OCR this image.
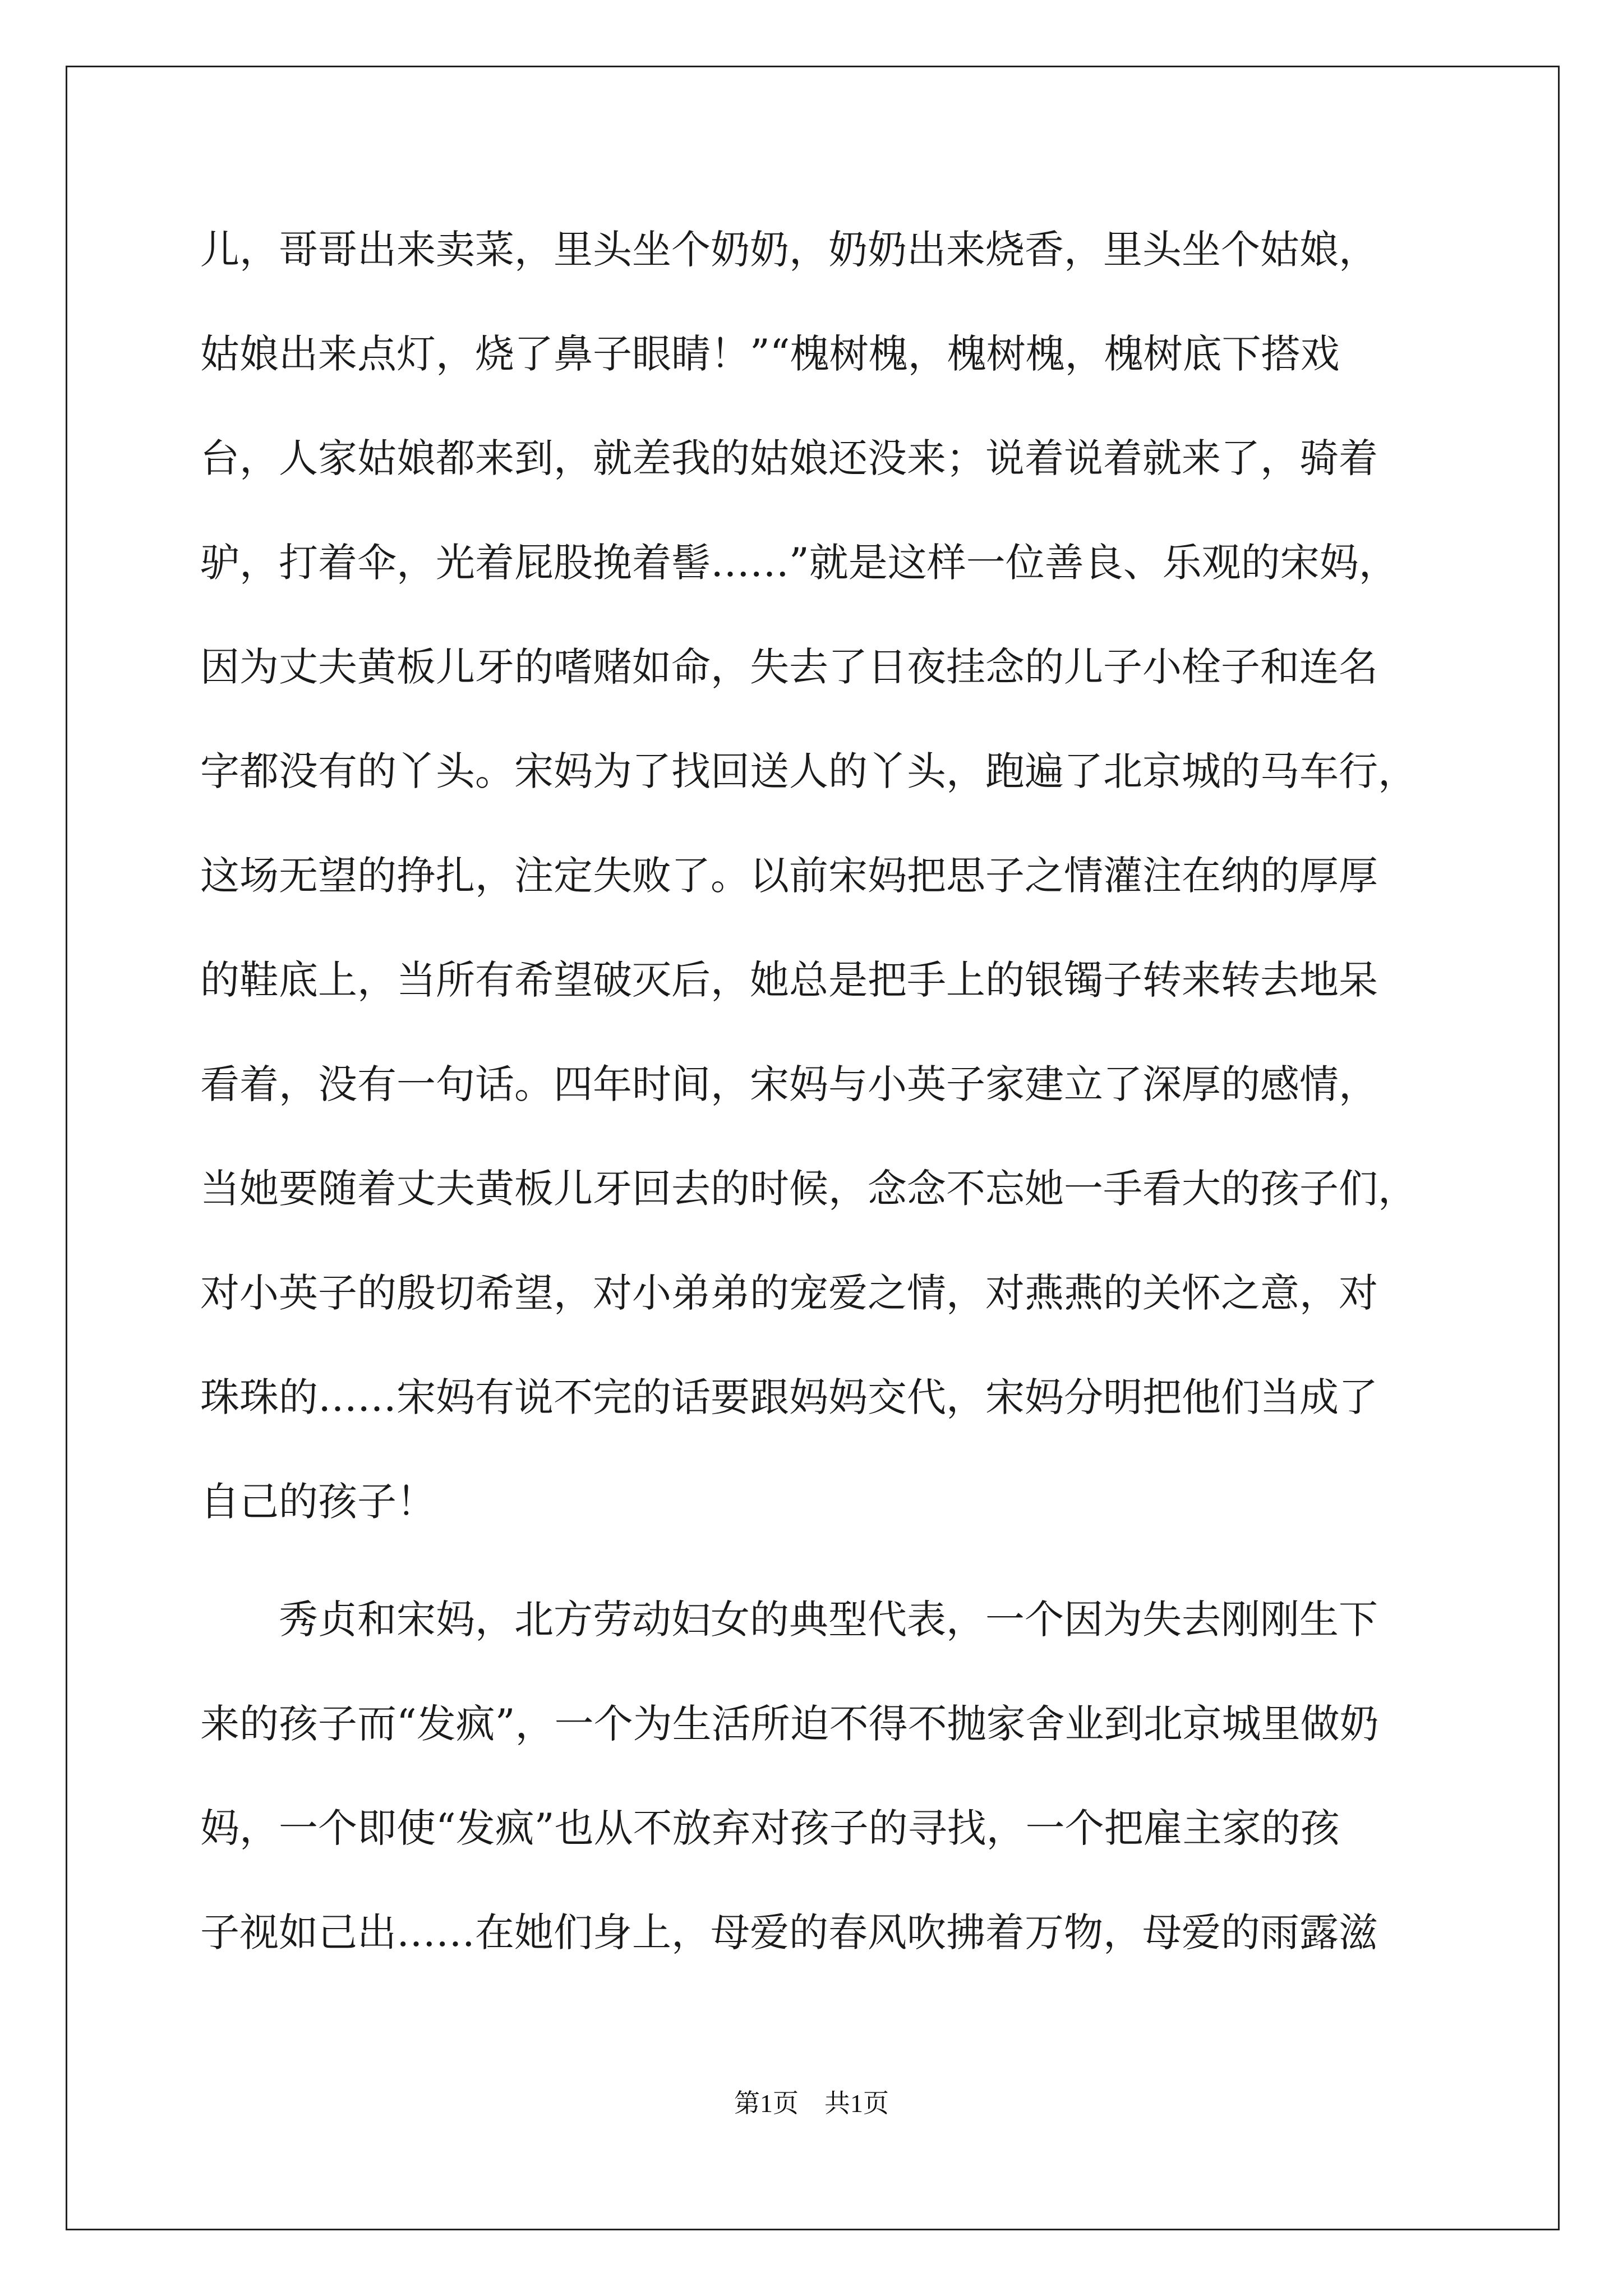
儿，哥哥出来卖菜，里头坐个奶奶，奶奶出来烧香，里头坐个姑娘，
姑娘出来点灯，烧了鼻子眼睛！”“槐树槐，槐树槐，槐树底下搭戏
台，人家姑娘都来到，就差我的姑娘还没来；说着说着就来了，骑着
驴，打着伞，光着屁股挽着髻……”就是这样一位善良、乐观的宋妈，
因为丈夫黄板儿牙的嗜赌如命，失去了日夜挂念的儿子小栓子和连名
字都没有的丫头。宋妈为了找回送人的丫头，跑遍了北京城的马车行，
这场无望的挣扎，注定失败了。以前宋妈把思子之情灌注在纳的厚厚
的鞋底上，当所有希望破灭后，她总是把手上的银镯子转来转去地呆
看着，没有一句话。四年时间，宋妈与小英子家建立了深厚的感情，
当她要随着丈夫黄板儿牙回去的时候，念念不忘她一手看大的孩子们，
对小英子的殷切希望，对小弟弟的宠爱之情，对燕燕的关怀之意，对
珠珠的……宋妈有说不完的话要跟妈妈交代，宋妈分明把他们当成了
自己的孩子！
秀贞和宋妈，北方劳动妇女的典型代表，一个因为失去刚刚生下
来的孩子而“发疯”，一个为生活所迫不得不抛家舍业到北京城里做奶
妈，一个即使“发疯”也从不放弃对孩子的寻找，一个把雇主家的孩
子视如己出……在她们身上，母爱的春风吹拂着万物，母爱的雨露滋
第1页　共1页
